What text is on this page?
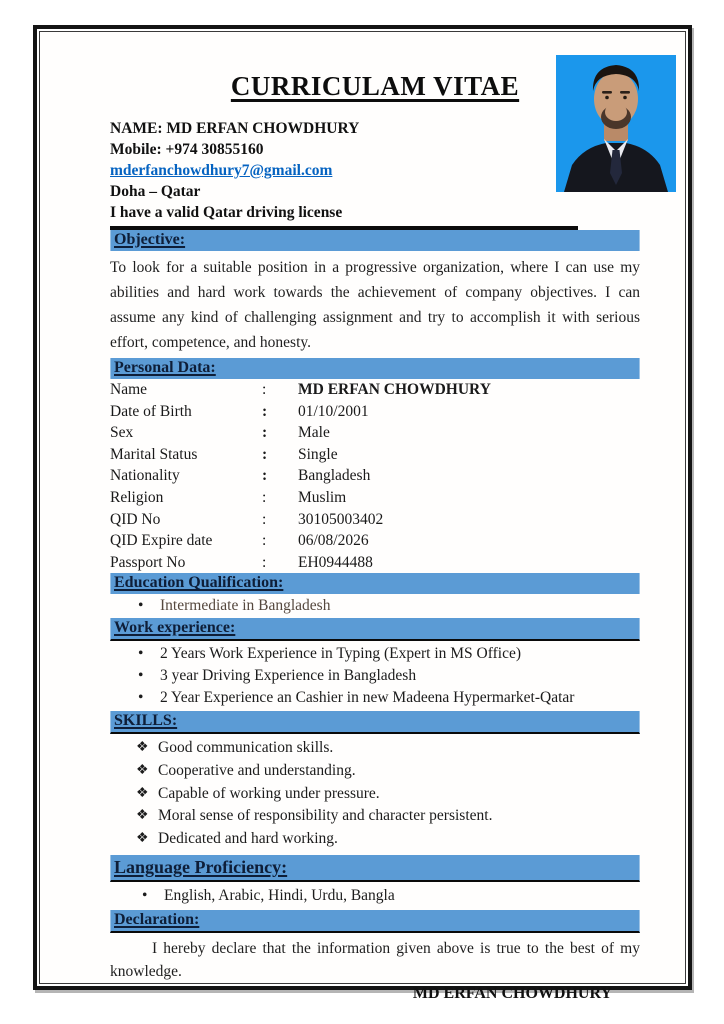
CURRICULAM VITAE
NAME: MD ERFAN CHOWDHURY
Mobile: +974 30855160
mderfanchowdhury7@gmail.com
Doha – Qatar
I have a valid Qatar driving license
Objective:

To look for a suitable position in a progressive organization, where I can use my abilities and hard work towards the achievement of company objectives. I can assume any kind of challenging assignment and try to accomplish it with serious effort, competence, and honesty.

Personal Data:
Name	:	MD ERFAN CHOWDHURY
Date of Birth	:	01/10/2001
Sex	:	Male
Marital Status	:	Single
Nationality	:	Bangladesh
Religion	:	Muslim
QID No	:	30105003402
QID Expire date	:	06/08/2026
Passport No	:	EH0944488
Education Qualification:
•	Intermediate in Bangladesh
Work experience:
•	2 Years Work Experience in Typing (Expert in MS Office)
•	3 year Driving Experience in Bangladesh
•	2 Year Experience an Cashier in new Madeena Hypermarket-Qatar
SKILLS:
❖ Good communication skills.
❖ Cooperative and understanding.
❖ Capable of working under pressure.
❖ Moral sense of responsibility and character persistent.
❖ Dedicated and hard working.
Language Proficiency:
•	English, Arabic, Hindi, Urdu, Bangla
Declaration:

I hereby declare that the information given above is true to the best of my knowledge.

MD ERFAN CHOWDHURY
